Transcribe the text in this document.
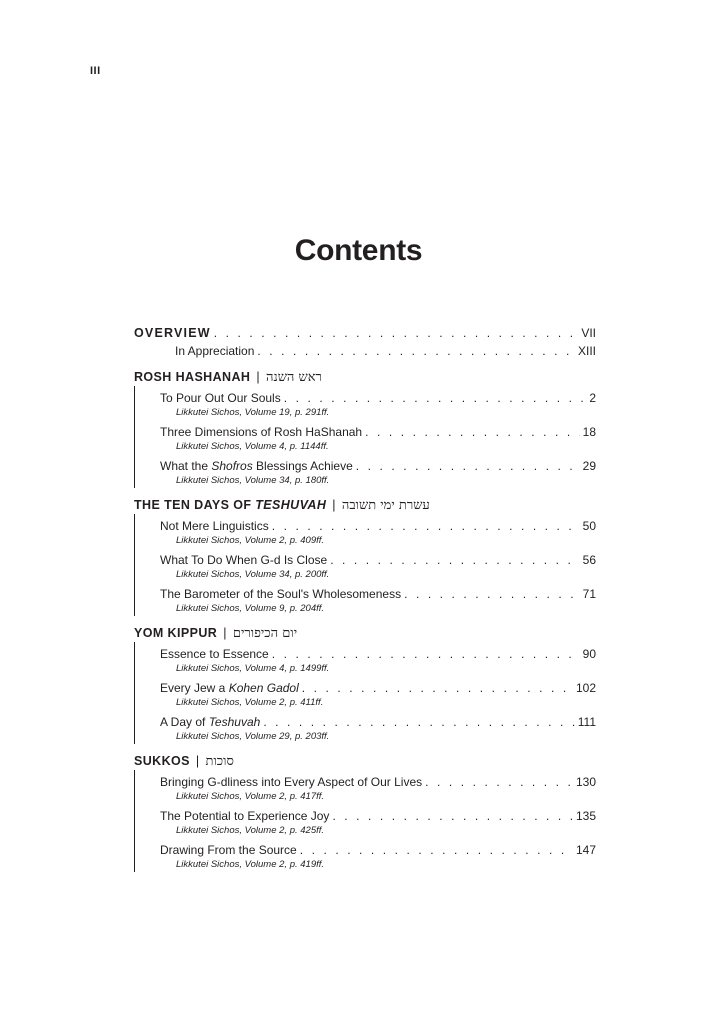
III
Contents
OVERVIEW . . .	VII
In Appreciation . . .	XIII
ROSH HASHANAH | ראש השנה
To Pour Out Our Souls . . .	2
Likkutei Sichos, Volume 19, p. 291ff.
Three Dimensions of Rosh HaShanah . . .	18
Likkutei Sichos, Volume 4, p. 1144ff.
What the Shofros Blessings Achieve . . .	29
Likkutei Sichos, Volume 34, p. 180ff.
THE TEN DAYS OF TESHUVAH | עשרת ימי תשובה
Not Mere Linguistics . . .	50
Likkutei Sichos, Volume 2, p. 409ff.
What To Do When G-d Is Close . . .	56
Likkutei Sichos, Volume 34, p. 200ff.
The Barometer of the Soul's Wholesomeness . . .	71
Likkutei Sichos, Volume 9, p. 204ff.
YOM KIPPUR | יום הכיפורים
Essence to Essence . . .	90
Likkutei Sichos, Volume 4, p. 1499ff.
Every Jew a Kohen Gadol . . .	102
Likkutei Sichos, Volume 2, p. 411ff.
A Day of Teshuvah . . .	111
Likkutei Sichos, Volume 29, p. 203ff.
SUKKOS | סוכות
Bringing G-dliness into Every Aspect of Our Lives . . .	130
Likkutei Sichos, Volume 2, p. 417ff.
The Potential to Experience Joy . . .	135
Likkutei Sichos, Volume 2, p. 425ff.
Drawing From the Source . . .	147
Likkutei Sichos, Volume 2, p. 419ff.
